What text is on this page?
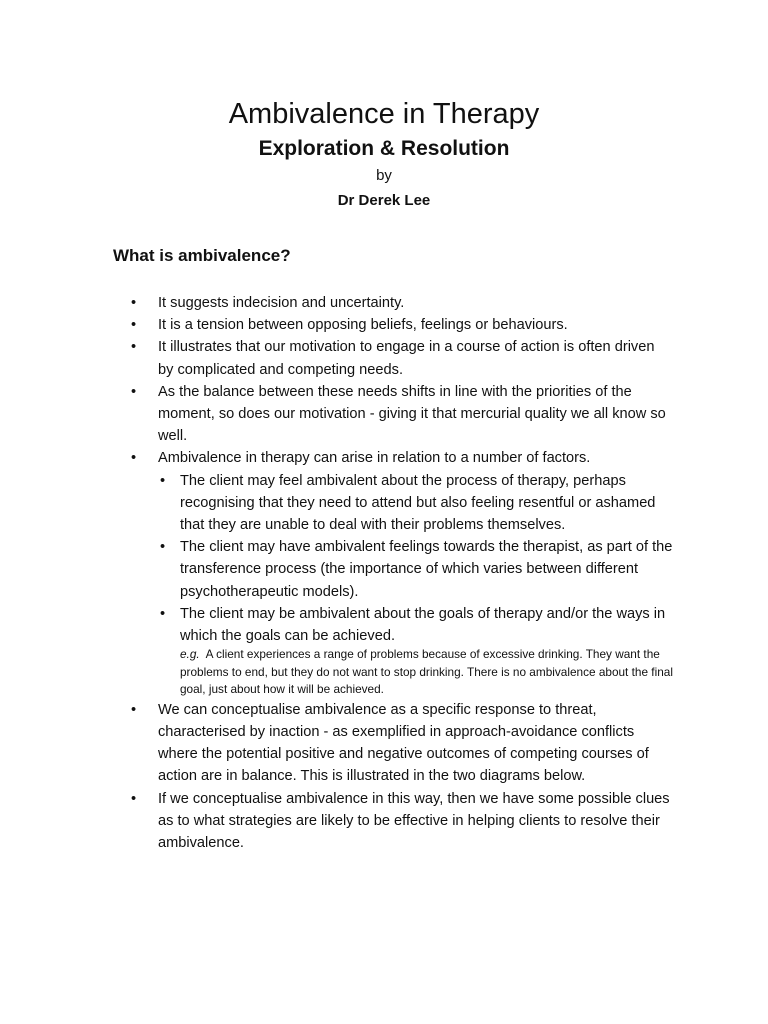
Ambivalence in Therapy
Exploration & Resolution
by
Dr Derek Lee
What is ambivalence?
• It suggests indecision and uncertainty.
• It is a tension between opposing beliefs, feelings or behaviours.
• It illustrates that our motivation to engage in a course of action is often driven by complicated and competing needs.
• As the balance between these needs shifts in line with the priorities of the moment, so does our motivation - giving it that mercurial quality we all know so well.
• Ambivalence in therapy can arise in relation to a number of factors.
• The client may feel ambivalent about the process of therapy, perhaps recognising that they need to attend but also feeling resentful or ashamed that they are unable to deal with their problems themselves.
• The client may have ambivalent feelings towards the therapist, as part of the transference process (the importance of which varies between different psychotherapeutic models).
• The client may be ambivalent about the goals of therapy and/or the ways in which the goals can be achieved.
e.g. A client experiences a range of problems because of excessive drinking. They want the problems to end, but they do not want to stop drinking. There is no ambivalence about the final goal, just about how it will be achieved.
• We can conceptualise ambivalence as a specific response to threat, characterised by inaction - as exemplified in approach-avoidance conflicts where the potential positive and negative outcomes of competing courses of action are in balance. This is illustrated in the two diagrams below.
• If we conceptualise ambivalence in this way, then we have some possible clues as to what strategies are likely to be effective in helping clients to resolve their ambivalence.
